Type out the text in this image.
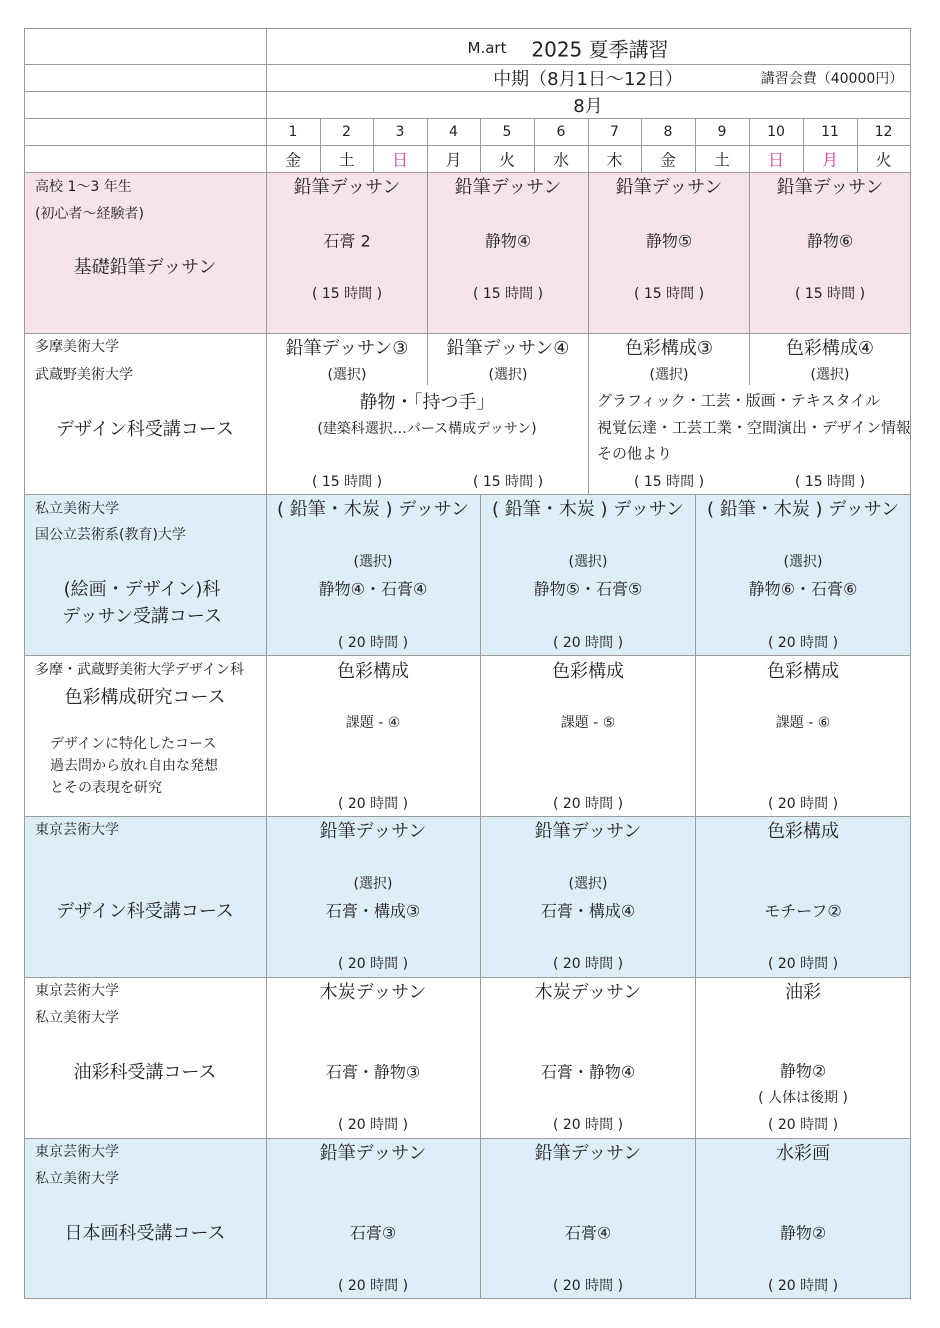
M.art 2025 夏季講習
中期（8月1日〜12日）	講習会費（40000円）
8月
1
金
2
土
3
日
4
月
5
火
6
水
7
木
8
金
9
土
10
日
11
月
12
火
高校 1〜3 年生
(初心者〜経験者)
基礎鉛筆デッサン
鉛筆デッサン
石膏 2
( 15 時間 )
鉛筆デッサン
静物④
( 15 時間 )
鉛筆デッサン
静物⑤
( 15 時間 )
鉛筆デッサン
静物⑥
( 15 時間 )
多摩美術大学
武蔵野美術大学
デザイン科受講コース
鉛筆デッサン③
(選択)
( 15 時間 )
鉛筆デッサン④
(選択)
( 15 時間 )
色彩構成③
(選択)
( 15 時間 )
色彩構成④
(選択)
( 15 時間 )
静物・「持つ手」
(建築科選択…パース構成デッサン)
グラフィック・工芸・版画・テキスタイル
視覚伝達・工芸工業・空間演出・デザイン情報
その他より
私立美術大学
国公立芸術系(教育)大学
(絵画・デザイン)科
デッサン受講コース
( 鉛筆・木炭 ) デッサン
(選択)
静物④・石膏④
( 20 時間 )
( 鉛筆・木炭 ) デッサン
(選択)
静物⑤・石膏⑤
( 20 時間 )
( 鉛筆・木炭 ) デッサン
(選択)
静物⑥・石膏⑥
( 20 時間 )
多摩・武蔵野美術大学デザイン科
色彩構成研究コース
デザインに特化したコース
過去問から放れ自由な発想
とその表現を研究
色彩構成
課題 - ④
( 20 時間 )
色彩構成
課題 - ⑤
( 20 時間 )
色彩構成
課題 - ⑥
( 20 時間 )
東京芸術大学
デザイン科受講コース
鉛筆デッサン
(選択)
石膏・構成③
( 20 時間 )
鉛筆デッサン
(選択)
石膏・構成④
( 20 時間 )
色彩構成
モチーフ②
( 20 時間 )
東京芸術大学
私立美術大学
油彩科受講コース
木炭デッサン
石膏・静物③
( 20 時間 )
木炭デッサン
石膏・静物④
( 20 時間 )
油彩
静物②
( 人体は後期 )
( 20 時間 )
東京芸術大学
私立美術大学
日本画科受講コース
鉛筆デッサン
石膏③
( 20 時間 )
鉛筆デッサン
石膏④
( 20 時間 )
水彩画
静物②
( 20 時間 )
